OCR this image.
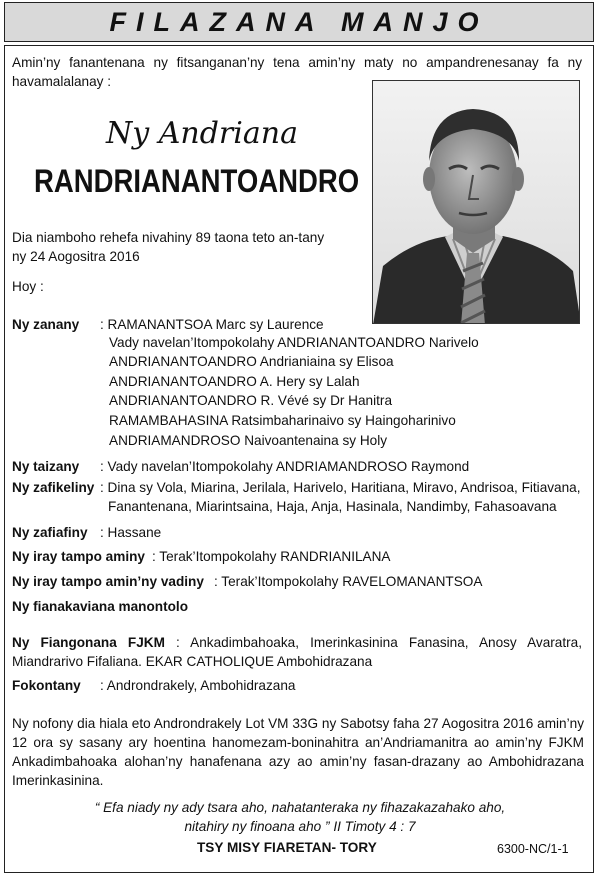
FILAZANA MANJO
Amin’ny fanantenana ny fitsanganan’ny tena amin’ny maty no ampandrenesanay fa ny havamalalanay :
Ny Andriana
RANDRIANANTOANDRO
Dia niamboho rehefa nivahiny 89 taona teto an-tany
ny 24 Aogositra 2016
Hoy :
Ny zanany : RAMANANTSOA Marc sy Laurence
Vady navelan’Itompokolahy ANDRIANANTOANDRO Narivelo
ANDRIANANTOANDRO Andrianiaina sy Elisoa
ANDRIANANTOANDRO A. Hery sy Lalah
ANDRIANANTOANDRO R. Vévé sy Dr Hanitra
RAMAMBAHASINA Ratsimbaharinaivo sy Haingoharinivo
ANDRIAMANDROSO Naivoantenaina sy Holy
Ny taizany : Vady navelan’Itompokolahy ANDRIAMANDROSO Raymond
Ny zafikeliny : Dina sy Vola, Miarina, Jerilala, Harivelo, Haritiana, Miravo, Andrisoa, Fitiavana,
Fanantenana, Miarintsaina, Haja, Anja, Hasinala, Nandimby, Fahasoavana
Ny zafiafiny : Hassane
Ny iray tampo aminy : Terak’Itompokolahy RANDRIANILANA
Ny iray tampo amin’ny vadiny : Terak’Itompokolahy RAVELOMANANTSOA
Ny fianakaviana manontolo
Ny Fiangonana FJKM : Ankadimbahoaka, Imerinkasinina Fanasina, Anosy Avaratra, Miandrarivo Fifaliana. EKAR CATHOLIQUE Ambohidrazana
Fokontany : Androndrakely, Ambohidrazana
Ny nofony dia hiala eto Androndrakely Lot VM 33G ny Sabotsy faha 27 Aogositra 2016 amin’ny 12 ora sy sasany ary hoentina hanomezam-boninahitra an’Andriamanitra ao amin’ny FJKM Ankadimbahoaka alohan’ny hanafenana azy ao amin’ny fasan-drazany ao Ambohidrazana Imerinkasinina.
“ Efa niady ny ady tsara aho, nahatanteraka ny fihazakazahako aho,
nitahiry ny finoana aho ” II Timoty 4 : 7
TSY MISY FIARETAN- TORY	6300-NC/1-1
